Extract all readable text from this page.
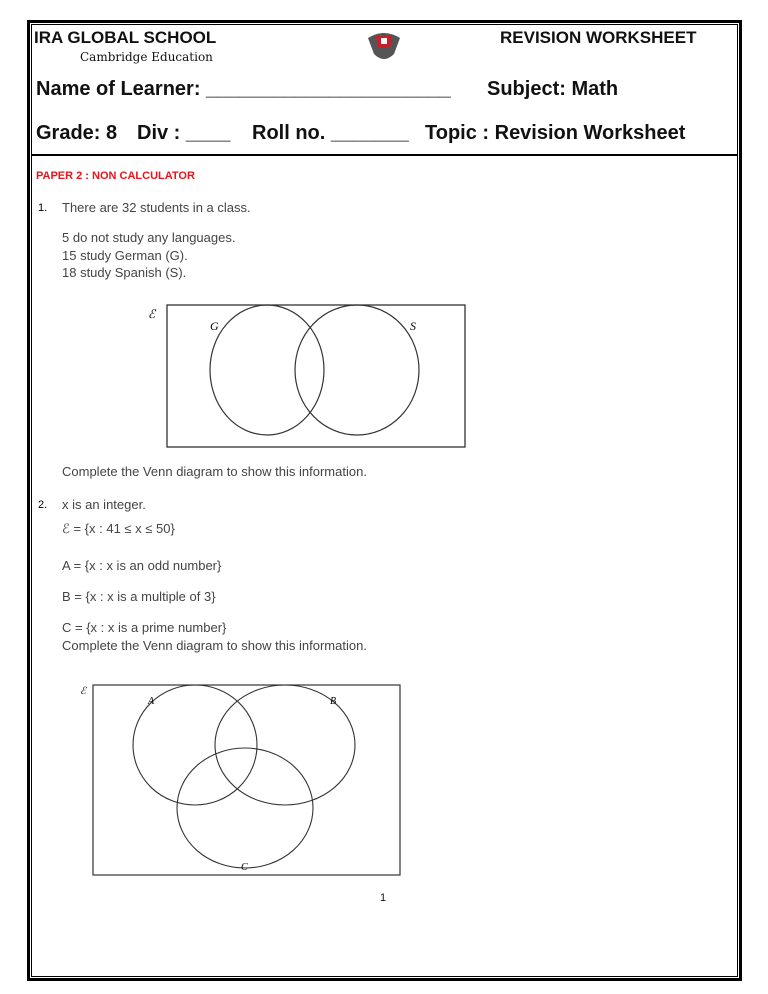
IRA GLOBAL SCHOOL
Cambridge Education
REVISION WORKSHEET
Name of Learner: ______________________ Subject: Math
Grade: 8 Div : ____ Roll no. _______ Topic : Revision Worksheet
PAPER 2 : NON CALCULATOR
1. There are 32 students in a class.
5 do not study any languages.
15 study German (G).
18 study Spanish (S).
ℰ
G	S
Complete the Venn diagram to show this information.
2. x is an integer.
ℰ = {x : 41 ≤ x ≤ 50}
A = {x : x is an odd number}
B = {x : x is a multiple of 3}
C = {x : x is a prime number}
Complete the Venn diagram to show this information.
ℰ
A	B
C
1
